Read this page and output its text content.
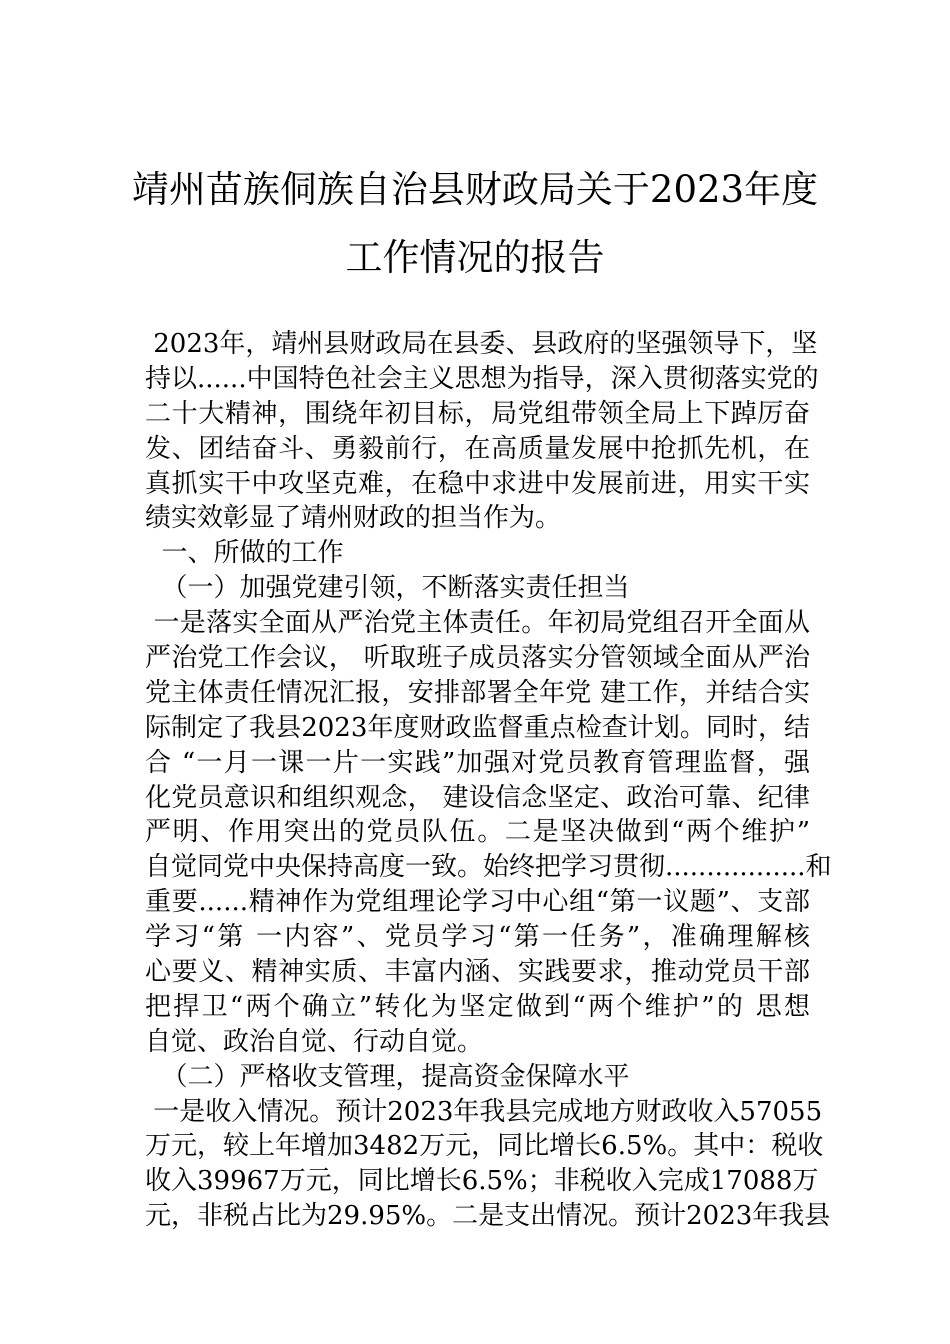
靖州苗族侗族自治县财政局关于2023年度
工作情况的报告
2023年，靖州县财政局在县委、县政府的坚强领导下，坚
持以......中国特色社会主义思想为指导，深入贯彻落实党的
二十大精神，围绕年初目标，局党组带领全局上下踔厉奋
发、团结奋斗、勇毅前行，在高质量发展中抢抓先机，在
真抓实干中攻坚克难，在稳中求进中发展前进，用实干实
绩实效彰显了靖州财政的担当作为。
一、所做的工作
（一）加强党建引领，不断落实责任担当
一是落实全面从严治党主体责任。年初局党组召开全面从
严治党工作会议， 听取班子成员落实分管领域全面从严治
党主体责任情况汇报，安排部署全年党 建工作，并结合实
际制定了我县2023年度财政监督重点检查计划。同时，结
合 “一月一课一片一实践”加强对党员教育管理监督，强
化党员意识和组织观念， 建设信念坚定、政治可靠、纪律
严明、作用突出的党员队伍。二是坚决做到“两个维护”
自觉同党中央保持高度一致。始终把学习贯彻.................和
重要......精神作为党组理论学习中心组“第一议题”、支部
学习“第 一内容”、党员学习“第一任务”，准确理解核
心要义、精神实质、丰富内涵、实践要求，推动党员干部
把捍卫“两个确立”转化为坚定做到“两个维护”的 思想
自觉、政治自觉、行动自觉。
（二）严格收支管理，提高资金保障水平
一是收入情况。预计2023年我县完成地方财政收入57055
万元，较上年增加3482万元，同比增长6.5%。其中：税收
收入39967万元，同比增长6.5%；非税收入完成17088万
元，非税占比为29.95%。二是支出情况。预计2023年我县
